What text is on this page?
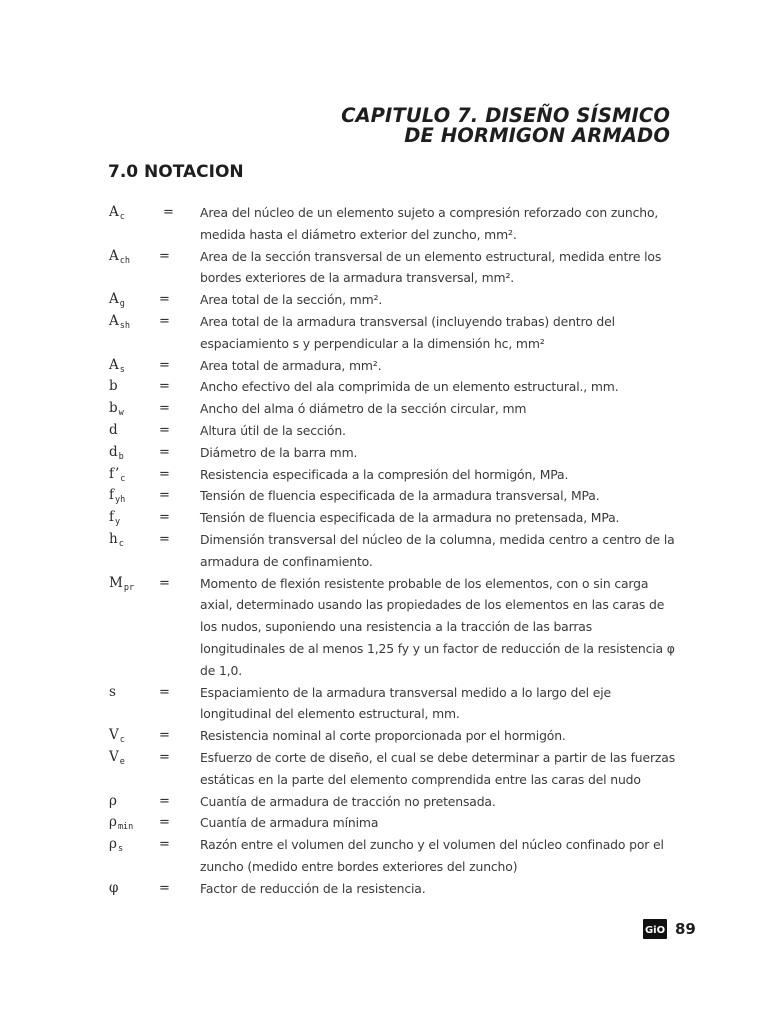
CAPITULO 7. DISEÑO SÍSMICO
DE HORMIGON ARMADO
7.0 NOTACION
$A_c$	= Area del núcleo de un elemento sujeto a compresión reforzado con zuncho,
medida hasta el diámetro exterior del zuncho, mm².
$A_{ch}$ = Area de la sección transversal de un elemento estructural, medida entre los
bordes exteriores de la armadura transversal, mm².
$A_g$	= Area total de la sección, mm².
$A_{sh}$ = Area total de la armadura transversal (incluyendo trabas) dentro del
espaciamiento s y perpendicular a la dimensión hc, mm²
$A_s$	= Area total de armadura, mm².
b	= Ancho efectivo del ala comprimida de un elemento estructural., mm.
$b_w$	= Ancho del alma ó diámetro de la sección circular, mm
d	= Altura útil de la sección.
$d_b$	= Diámetro de la barra mm.
$f’_c$	= Resistencia especificada a la compresión del hormigón, MPa.
$f_{yh}$	= Tensión de fluencia especificada de la armadura transversal, MPa.
$f_y$	= Tensión de fluencia especificada de la armadura no pretensada, MPa.
$h_c$	= Dimensión transversal del núcleo de la columna, medida centro a centro de la
armadura de confinamiento.
$M_{pr}$ = Momento de flexión resistente probable de los elementos, con o sin carga
axial, determinado usando las propiedades de los elementos en las caras de
los nudos, suponiendo una resistencia a la tracción de las barras
longitudinales de al menos 1,25 fy y un factor de reducción de la resistencia φ
de 1,0.
s	= Espaciamiento de la armadura transversal medido a lo largo del eje
longitudinal del elemento estructural, mm.
$V_c$	= Resistencia nominal al corte proporcionada por el hormigón.
$V_e$	= Esfuerzo de corte de diseño, el cual se debe determinar a partir de las fuerzas
estáticas en la parte del elemento comprendida entre las caras del nudo
ρ	= Cuantía de armadura de tracción no pretensada.
$\rho_{min}$ = Cuantía de armadura mínima
$\rho_s$	= Razón entre el volumen del zuncho y el volumen del núcleo confinado por el
zuncho (medido entre bordes exteriores del zuncho)
φ	= Factor de reducción de la resistencia.
GiO 89
